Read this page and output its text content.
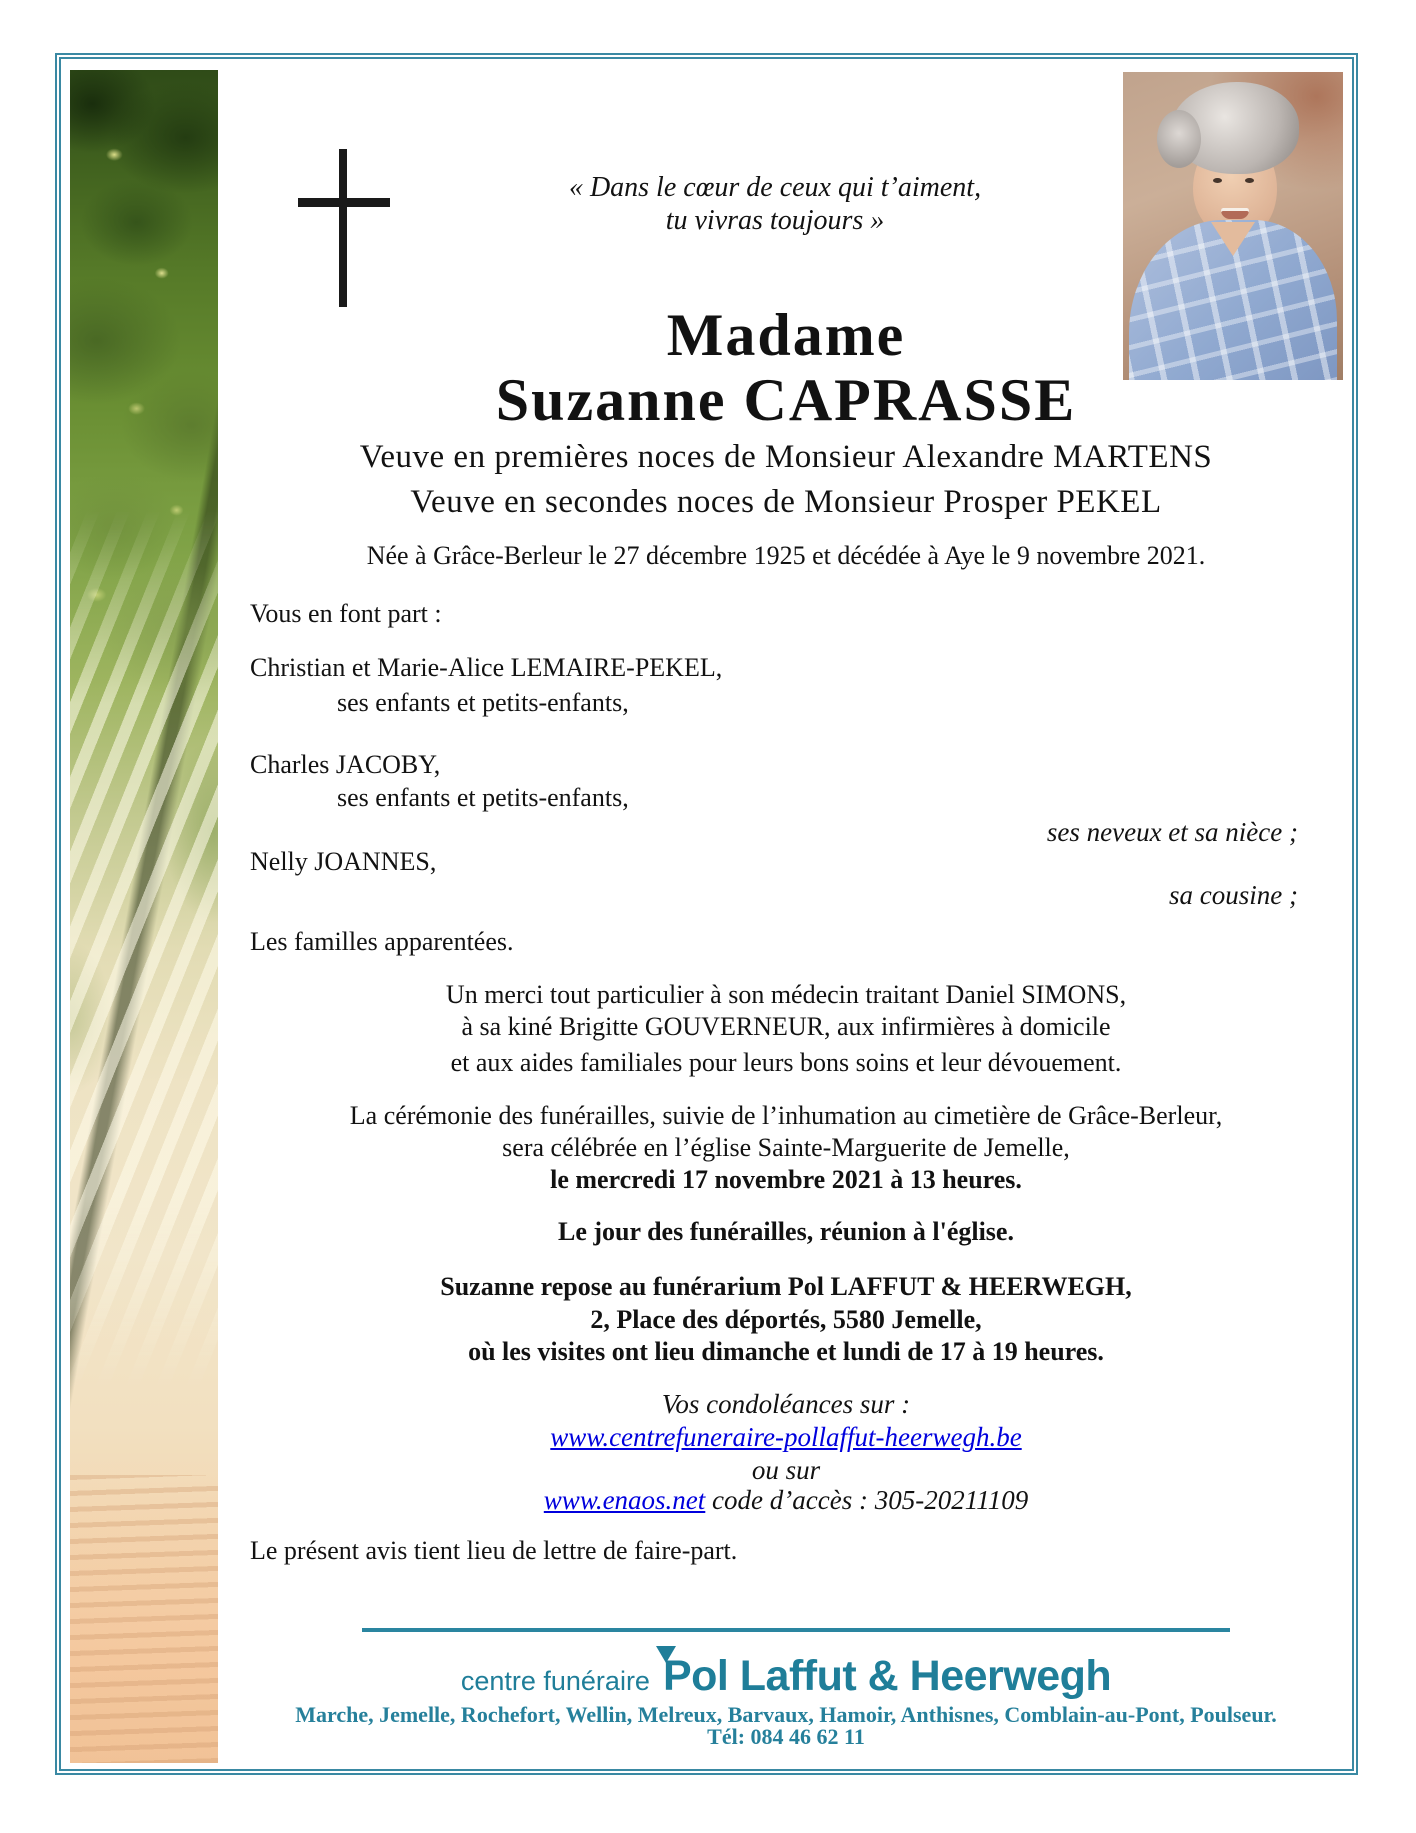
« Dans le cœur de ceux qui t’aiment,
tu vivras toujours »
Madame
Suzanne CAPRASSE
Veuve en premières noces de Monsieur Alexandre MARTENS
Veuve en secondes noces de Monsieur Prosper PEKEL
Née à Grâce-Berleur le 27 décembre 1925 et décédée à Aye le 9 novembre 2021.
Vous en font part :
Christian et Marie-Alice LEMAIRE-PEKEL,
ses enfants et petits-enfants,
Charles JACOBY,
ses enfants et petits-enfants,
ses neveux et sa nièce ;
Nelly JOANNES,
sa cousine ;
Les familles apparentées.
Un merci tout particulier à son médecin traitant Daniel SIMONS,
à sa kiné Brigitte GOUVERNEUR, aux infirmières à domicile
et aux aides familiales pour leurs bons soins et leur dévouement.
La cérémonie des funérailles, suivie de l’inhumation au cimetière de Grâce-Berleur,
sera célébrée en l’église Sainte-Marguerite de Jemelle,
le mercredi 17 novembre 2021 à 13 heures.
Le jour des funérailles, réunion à l'église.
Suzanne repose au funérarium Pol LAFFUT & HEERWEGH,
2, Place des déportés, 5580 Jemelle,
où les visites ont lieu dimanche et lundi de 17 à 19 heures.
Vos condoléances sur :
www.centrefuneraire-pollaffut-heerwegh.be
ou sur
www.enaos.net code d’accès : 305-20211109
Le présent avis tient lieu de lettre de faire-part.
centre funéraire Pol Laffut & Heerwegh
Marche, Jemelle, Rochefort, Wellin, Melreux, Barvaux, Hamoir, Anthisnes, Comblain-au-Pont, Poulseur.
Tél: 084 46 62 11
